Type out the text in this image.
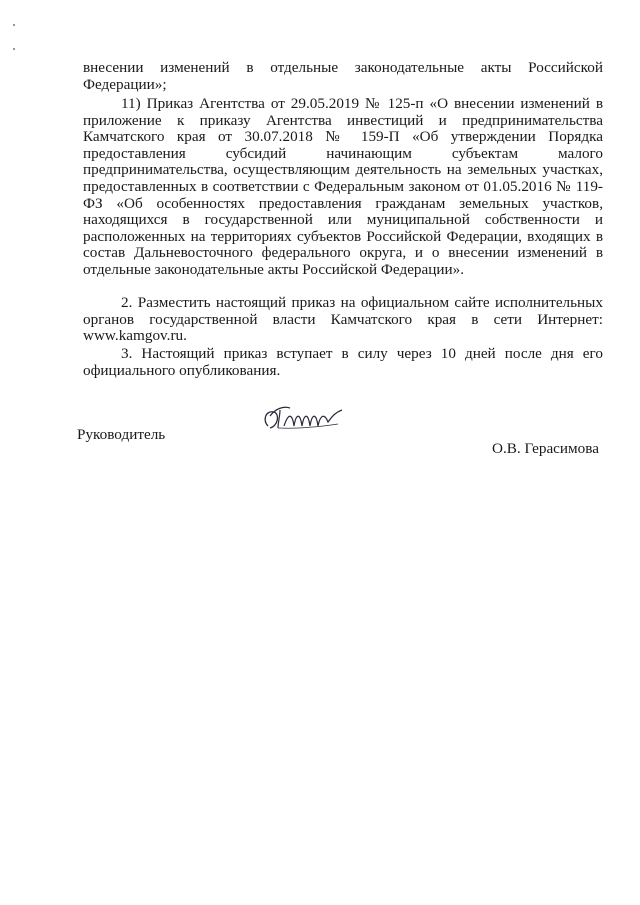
внесении изменений в отдельные законодательные акты Российской Федерации»;

11) Приказ Агентства от 29.05.2019 № 125-п «О внесении изменений в приложение к приказу Агентства инвестиций и предпринимательства Камчатского края от 30.07.2018 № 159-П «Об утверждении Порядка предоставления субсидий начинающим субъектам малого предпринимательства, осуществляющим деятельность на земельных участках, предоставленных в соответствии с Федеральным законом от 01.05.2016 № 119-ФЗ «Об особенностях предоставления гражданам земельных участков, находящихся в государственной или муниципальной собственности и расположенных на территориях субъектов Российской Федерации, входящих в состав Дальневосточного федерального округа, и о внесении изменений в отдельные законодательные акты Российской Федерации».

2. Разместить настоящий приказ на официальном сайте исполнительных органов государственной власти Камчатского края в сети Интернет: www.kamgov.ru.

3. Настоящий приказ вступает в силу через 10 дней после дня его официального опубликования.

Руководитель
О.В. Герасимова
